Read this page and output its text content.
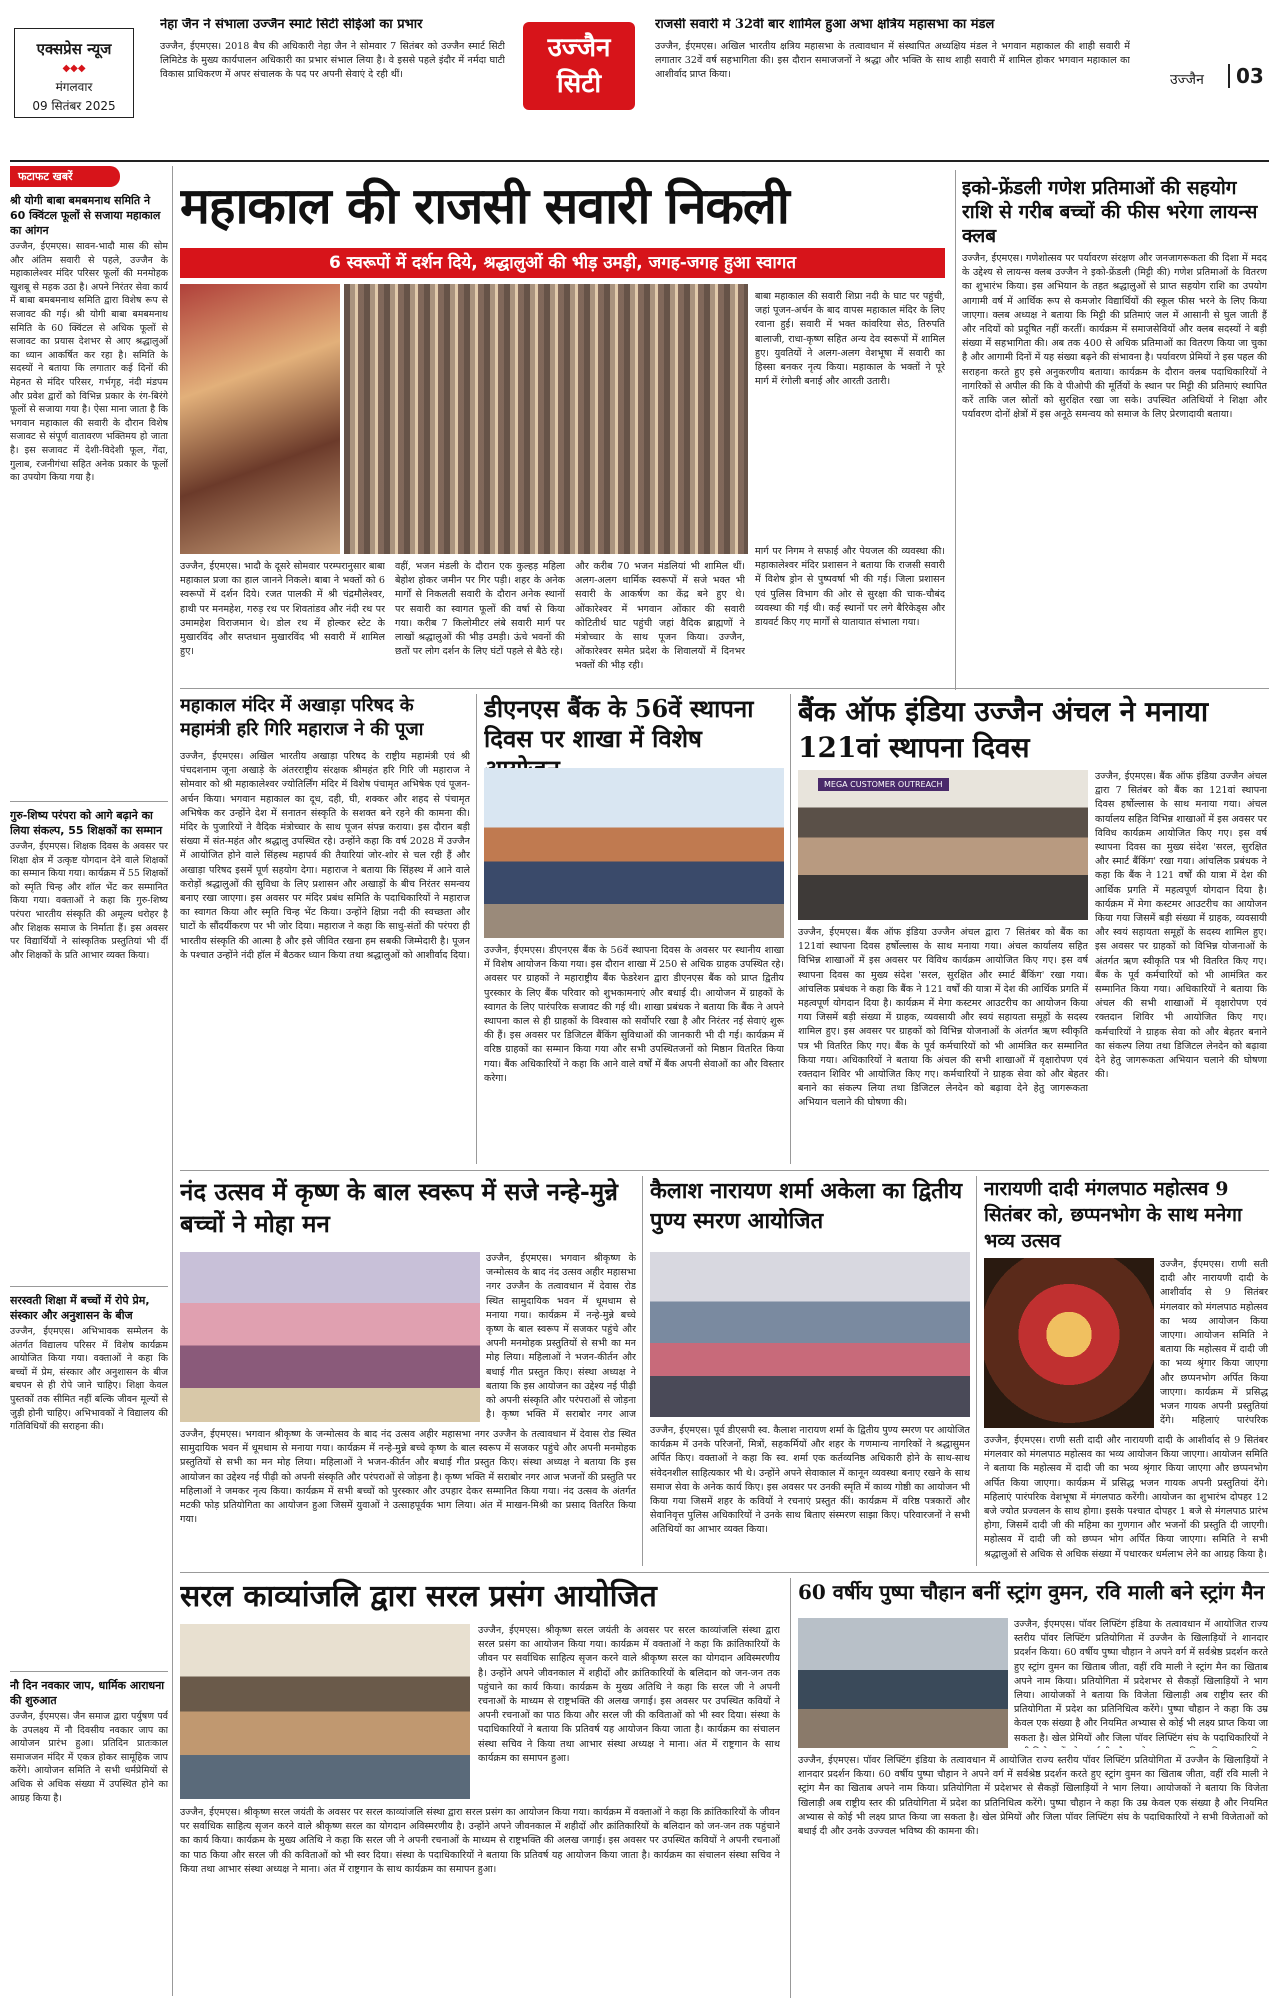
एक्सप्रेस न्यूज
◆◆◆
मंगलवार
09 सितंबर 2025
नेहा जैन ने संभाला उज्जैन स्मार्ट सिटी सीईओ का प्रभार
उज्जैन, ईएमएस। 2018 बैच की अधिकारी नेहा जैन ने सोमवार 7 सितंबर को उज्जैन स्मार्ट सिटी लिमिटेड के मुख्य कार्यपालन अधिकारी का प्रभार संभाल लिया है। वे इससे पहले इंदौर में नर्मदा घाटी विकास प्राधिकरण में अपर संचालक के पद पर अपनी सेवाएं दे रही थीं।
उज्जैन
सिटी
राजसी सवारी में 32वीं बार शामिल हुआ अभा क्षत्रिय महासभा का मंडल
उज्जैन, ईएमएस। अखिल भारतीय क्षत्रिय महासभा के तत्वावधान में संस्थापित अध्यक्षिय मंडल ने भगवान महाकाल की शाही सवारी में लगातार 32वें वर्ष सहभागिता की। इस दौरान समाजजनों ने श्रद्धा और भक्ति के साथ शाही सवारी में शामिल होकर भगवान महाकाल का आशीर्वाद प्राप्त किया।	उज्जैन	03
फटाफट खबरें
श्री योगी बाबा बमबमनाथ समिति ने 60 क्विंटल फूलों से सजाया महाकाल का आंगन
उज्जैन, ईएमएस। सावन-भादौ मास की सोम और अंतिम सवारी से पहले, उज्जैन के महाकालेश्वर मंदिर परिसर फूलों की मनमोहक खुशबू से महक उठा है। अपने निरंतर सेवा कार्य में बाबा बमबमनाथ समिति द्वारा विशेष रूप से सजावट की गई। श्री योगी बाबा बमबमनाथ समिति के 60 क्विंटल से अधिक फूलों से सजावट का प्रयास देशभर से आए श्रद्धालुओं का ध्यान आकर्षित कर रहा है। समिति के सदस्यों ने बताया कि लगातार कई दिनों की मेहनत से मंदिर परिसर, गर्भगृह, नंदी मंडपम और प्रवेश द्वारों को विभिन्न प्रकार के रंग-बिरंगे फूलों से सजाया गया है। ऐसा माना जाता है कि भगवान महाकाल की सवारी के दौरान विशेष सजावट से संपूर्ण वातावरण भक्तिमय हो जाता है। इस सजावट में देशी-विदेशी फूल, गेंदा, गुलाब, रजनीगंधा सहित अनेक प्रकार के फूलों का उपयोग किया गया है।
गुरु-शिष्य परंपरा को आगे बढ़ाने का लिया संकल्प, 55 शिक्षकों का सम्मान
उज्जैन, ईएमएस। शिक्षक दिवस के अवसर पर शिक्षा क्षेत्र में उत्कृष्ट योगदान देने वाले शिक्षकों का सम्मान किया गया। कार्यक्रम में 55 शिक्षकों को स्मृति चिन्ह और शॉल भेंट कर सम्मानित किया गया। वक्ताओं ने कहा कि गुरु-शिष्य परंपरा भारतीय संस्कृति की अमूल्य धरोहर है और शिक्षक समाज के निर्माता हैं। इस अवसर पर विद्यार्थियों ने सांस्कृतिक प्रस्तुतियां भी दीं और शिक्षकों के प्रति आभार व्यक्त किया।
सरस्वती शिक्षा में बच्चों में रोपे प्रेम, संस्कार और अनुशासन के बीज
उज्जैन, ईएमएस। अभिभावक सम्मेलन के अंतर्गत विद्यालय परिसर में विशेष कार्यक्रम आयोजित किया गया। वक्ताओं ने कहा कि बच्चों में प्रेम, संस्कार और अनुशासन के बीज बचपन से ही रोपे जाने चाहिए। शिक्षा केवल पुस्तकों तक सीमित नहीं बल्कि जीवन मूल्यों से जुड़ी होनी चाहिए। अभिभावकों ने विद्यालय की गतिविधियों की सराहना की।
नौ दिन नवकार जाप, धार्मिक आराधना की शुरुआत
उज्जैन, ईएमएस। जैन समाज द्वारा पर्युषण पर्व के उपलक्ष्य में नौ दिवसीय नवकार जाप का आयोजन प्रारंभ हुआ। प्रतिदिन प्रातःकाल समाजजन मंदिर में एकत्र होकर सामूहिक जाप करेंगे। आयोजन समिति ने सभी धर्मप्रेमियों से अधिक से अधिक संख्या में उपस्थित होने का आग्रह किया है।
महाकाल की राजसी सवारी निकली
6 स्वरूपों में दर्शन दिये, श्रद्धालुओं की भीड़ उमड़ी, जगह-जगह हुआ स्वागत
उज्जैन, ईएमएस। भादौ के दूसरे सोमवार परम्परानुसार बाबा महाकाल प्रजा का हाल जानने निकले। बाबा ने भक्तों को 6 स्वरूपों में दर्शन दिये। रजत पालकी में श्री चंद्रमौलेश्वर, हाथी पर मनमहेश, गरुड़ रथ पर शिवतांडव और नंदी रथ पर उमामहेश विराजमान थे। डोल रथ में होल्कर स्टेट के मुखारविंद और सप्तधान मुखारविंद भी सवारी में शामिल हुए।
वहीं, भजन मंडली के दौरान एक कुल्हड़ महिला बेहोश होकर जमीन पर गिर पड़ी। शहर के अनेक मार्गों से निकलती सवारी के दौरान अनेक स्थानों पर सवारी का स्वागत फूलों की वर्षा से किया गया। करीब 7 किलोमीटर लंबे सवारी मार्ग पर लाखों श्रद्धालुओं की भीड़ उमड़ी। ऊंचे भवनों की छतों पर लोग दर्शन के लिए घंटों पहले से बैठे रहे।
और करीब 70 भजन मंडलियां भी शामिल थीं। अलग-अलग धार्मिक स्वरूपों में सजे भक्त भी सवारी के आकर्षण का केंद्र बने हुए थे। ओंकारेश्वर में भगवान ओंकार की सवारी कोटितीर्थ घाट पहुंची जहां वैदिक ब्राह्मणों ने मंत्रोच्चार के साथ पूजन किया। उज्जैन, ओंकारेश्वर समेत प्रदेश के शिवालयों में दिनभर भक्तों की भीड़ रही।
बाबा महाकाल की सवारी शिप्रा नदी के घाट पर पहुंची, जहां पूजन-अर्चन के बाद वापस महाकाल मंदिर के लिए रवाना हुई। सवारी में भक्त कांवरिया सेठ, तिरुपति बालाजी, राधा-कृष्ण सहित अन्य देव स्वरूपों में शामिल हुए। युवतियों ने अलग-अलग वेशभूषा में सवारी का हिस्सा बनकर नृत्य किया। महाकाल के भक्तों ने पूरे मार्ग में रंगोली बनाई और आरती उतारी।
मार्ग पर निगम ने सफाई और पेयजल की व्यवस्था की। महाकालेश्वर मंदिर प्रशासन ने बताया कि राजसी सवारी में विशेष ड्रोन से पुष्पवर्षा भी की गई। जिला प्रशासन एवं पुलिस विभाग की ओर से सुरक्षा की चाक-चौबंद व्यवस्था की गई थी। कई स्थानों पर लगे बैरिकेड्स और डायवर्ट किए गए मार्गों से यातायात संभाला गया।
इको-फ्रेंडली गणेश प्रतिमाओं की सहयोग राशि से गरीब बच्चों की फीस भरेगा लायन्स क्लब
उज्जैन, ईएमएस। गणेशोत्सव पर पर्यावरण संरक्षण और जनजागरूकता की दिशा में मदद के उद्देश्य से लायन्स क्लब उज्जैन ने इको-फ्रेंडली (मिट्टी की) गणेश प्रतिमाओं के वितरण का शुभारंभ किया। इस अभियान के तहत श्रद्धालुओं से प्राप्त सहयोग राशि का उपयोग आगामी वर्ष में आर्थिक रूप से कमजोर विद्यार्थियों की स्कूल फीस भरने के लिए किया जाएगा। क्लब अध्यक्ष ने बताया कि मिट्टी की प्रतिमाएं जल में आसानी से घुल जाती हैं और नदियों को प्रदूषित नहीं करतीं। कार्यक्रम में समाजसेवियों और क्लब सदस्यों ने बड़ी संख्या में सहभागिता की। अब तक 400 से अधिक प्रतिमाओं का वितरण किया जा चुका है और आगामी दिनों में यह संख्या बढ़ने की संभावना है। पर्यावरण प्रेमियों ने इस पहल की सराहना करते हुए इसे अनुकरणीय बताया। कार्यक्रम के दौरान क्लब पदाधिकारियों ने नागरिकों से अपील की कि वे पीओपी की मूर्तियों के स्थान पर मिट्टी की प्रतिमाएं स्थापित करें ताकि जल स्रोतों को सुरक्षित रखा जा सके। उपस्थित अतिथियों ने शिक्षा और पर्यावरण दोनों क्षेत्रों में इस अनूठे समन्वय को समाज के लिए प्रेरणादायी बताया।
महाकाल मंदिर में अखाड़ा परिषद के महामंत्री हरि गिरि महाराज ने की पूजा
उज्जैन, ईएमएस। अखिल भारतीय अखाड़ा परिषद के राष्ट्रीय महामंत्री एवं श्री पंचदशनाम जूना अखाड़े के अंतरराष्ट्रीय संरक्षक श्रीमहंत हरि गिरि जी महाराज ने सोमवार को श्री महाकालेश्वर ज्योतिर्लिंग मंदिर में विशेष पंचामृत अभिषेक एवं पूजन-अर्चन किया। भगवान महाकाल का दूध, दही, घी, शक्कर और शहद से पंचामृत अभिषेक कर उन्होंने देश में सनातन संस्कृति के सशक्त बने रहने की कामना की। मंदिर के पुजारियों ने वैदिक मंत्रोच्चार के साथ पूजन संपन्न कराया। इस दौरान बड़ी संख्या में संत-महंत और श्रद्धालु उपस्थित रहे। उन्होंने कहा कि वर्ष 2028 में उज्जैन में आयोजित होने वाले सिंहस्थ महापर्व की तैयारियां जोर-शोर से चल रही हैं और अखाड़ा परिषद इसमें पूर्ण सहयोग देगा। महाराज ने बताया कि सिंहस्थ में आने वाले करोड़ों श्रद्धालुओं की सुविधा के लिए प्रशासन और अखाड़ों के बीच निरंतर समन्वय बनाए रखा जाएगा। इस अवसर पर मंदिर प्रबंध समिति के पदाधिकारियों ने महाराज का स्वागत किया और स्मृति चिन्ह भेंट किया। उन्होंने क्षिप्रा नदी की स्वच्छता और घाटों के सौंदर्यीकरण पर भी जोर दिया। महाराज ने कहा कि साधु-संतों की परंपरा ही भारतीय संस्कृति की आत्मा है और इसे जीवित रखना हम सबकी जिम्मेदारी है। पूजन के पश्चात उन्होंने नंदी हॉल में बैठकर ध्यान किया तथा श्रद्धालुओं को आशीर्वाद दिया।
डीएनएस बैंक के 56वें स्थापना दिवस पर शाखा में विशेष
उज्जैन, ईएमएस। डीएनएस बैंक के 56वें स्थापना दिवस के अवसर पर स्थानीय शाखा में विशेष आयोजन किया गया। इस दौरान शाखा में 250 से अधिक ग्राहक उपस्थित रहे। अवसर पर ग्राहकों ने महाराष्ट्रीय बैंक फेडरेशन द्वारा डीएनएस बैंक को प्राप्त द्वितीय पुरस्कार के लिए बैंक परिवार को शुभकामनाएं और बधाई दी। आयोजन में ग्राहकों के स्वागत के लिए पारंपरिक सजावट की गई थी। शाखा प्रबंधक ने बताया कि बैंक ने अपने स्थापना काल से ही ग्राहकों के विश्वास को सर्वोपरि रखा है और निरंतर नई सेवाएं शुरू की हैं। इस अवसर पर डिजिटल बैंकिंग सुविधाओं की जानकारी भी दी गई। कार्यक्रम में वरिष्ठ ग्राहकों का सम्मान किया गया और सभी उपस्थितजनों को मिष्ठान वितरित किया गया। बैंक अधिकारियों ने कहा कि आने वाले वर्षों में बैंक अपनी सेवाओं का और विस्तार करेगा।
बैंक ऑफ इंडिया उज्जैन अंचल ने मनाया 121वां स्थापना दिवस
MEGA CUSTOMER OUTREACH
उज्जैन, ईएमएस। बैंक ऑफ इंडिया उज्जैन अंचल द्वारा 7 सितंबर को बैंक का 121वां स्थापना दिवस हर्षोल्लास के साथ मनाया गया। अंचल कार्यालय सहित विभिन्न शाखाओं में इस अवसर पर विविध कार्यक्रम आयोजित किए गए। इस वर्ष स्थापना दिवस का मुख्य संदेश 'सरल, सुरक्षित और स्मार्ट बैंकिंग' रखा गया। आंचलिक प्रबंधक ने कहा कि बैंक ने 121 वर्षों की यात्रा में देश की आर्थिक प्रगति में महत्वपूर्ण योगदान दिया है। कार्यक्रम में मेगा कस्टमर आउटरीच का आयोजन किया गया जिसमें बड़ी संख्या में ग्राहक, व्यवसायी और स्वयं सहायता समूहों के सदस्य शामिल हुए। इस अवसर पर ग्राहकों को विभिन्न योजनाओं के अंतर्गत ऋण स्वीकृति पत्र भी वितरित किए गए। बैंक के पूर्व कर्मचारियों को भी आमंत्रित कर सम्मानित किया गया। अधिकारियों ने बताया कि अंचल की सभी शाखाओं में वृक्षारोपण एवं रक्तदान शिविर भी आयोजित किए गए। कर्मचारियों ने ग्राहक सेवा को और बेहतर बनाने का संकल्प लिया तथा डिजिटल लेनदेन को बढ़ावा देने हेतु जागरूकता अभियान चलाने की घोषणा की।
उज्जैन, ईएमएस। बैंक ऑफ इंडिया उज्जैन अंचल द्वारा 7 सितंबर को बैंक का 121वां स्थापना दिवस हर्षोल्लास के साथ मनाया गया। अंचल कार्यालय सहित विभिन्न शाखाओं में इस अवसर पर विविध कार्यक्रम आयोजित किए गए। इस वर्ष स्थापना दिवस का मुख्य संदेश 'सरल, सुरक्षित और स्मार्ट बैंकिंग' रखा गया। आंचलिक प्रबंधक ने कहा कि बैंक ने 121 वर्षों की यात्रा में देश की आर्थिक प्रगति में महत्वपूर्ण योगदान दिया है। कार्यक्रम में मेगा कस्टमर आउटरीच का आयोजन किया गया जिसमें बड़ी संख्या में ग्राहक, व्यवसायी और स्वयं सहायता समूहों के सदस्य शामिल हुए। इस अवसर पर ग्राहकों को विभिन्न योजनाओं के अंतर्गत ऋण स्वीकृति पत्र भी वितरित किए गए। बैंक के पूर्व कर्मचारियों को भी आमंत्रित कर सम्मानित किया गया। अधिकारियों ने बताया कि अंचल की सभी शाखाओं में वृक्षारोपण एवं रक्तदान शिविर भी आयोजित किए गए। कर्मचारियों ने ग्राहक सेवा को और बेहतर बनाने का संकल्प लिया तथा डिजिटल लेनदेन को बढ़ावा देने हेतु जागरूकता अभियान चलाने की घोषणा की।
नंद उत्सव में कृष्ण के बाल स्वरूप में सजे नन्हे-मुन्ने बच्चों ने मोहा मन
उज्जैन, ईएमएस। भगवान श्रीकृष्ण के जन्मोत्सव के बाद नंद उत्सव अहीर महासभा नगर उज्जैन के तत्वावधान में देवास रोड स्थित सामुदायिक भवन में धूमधाम से मनाया गया। कार्यक्रम में नन्हे-मुन्ने बच्चे कृष्ण के बाल स्वरूप में सजकर पहुंचे और अपनी मनमोहक प्रस्तुतियों से सभी का मन मोह लिया। महिलाओं ने भजन-कीर्तन और बधाई गीत प्रस्तुत किए। संस्था अध्यक्ष ने बताया कि इस आयोजन का उद्देश्य नई पीढ़ी को अपनी संस्कृति और परंपराओं से जोड़ना है। कृष्ण भक्ति में सराबोर नगर आज
उज्जैन, ईएमएस। भगवान श्रीकृष्ण के जन्मोत्सव के बाद नंद उत्सव अहीर महासभा नगर उज्जैन के तत्वावधान में देवास रोड स्थित सामुदायिक भवन में धूमधाम से मनाया गया। कार्यक्रम में नन्हे-मुन्ने बच्चे कृष्ण के बाल स्वरूप में सजकर पहुंचे और अपनी मनमोहक प्रस्तुतियों से सभी का मन मोह लिया। महिलाओं ने भजन-कीर्तन और बधाई गीत प्रस्तुत किए। संस्था अध्यक्ष ने बताया कि इस आयोजन का उद्देश्य नई पीढ़ी को अपनी संस्कृति और परंपराओं से जोड़ना है। कृष्ण भक्ति में सराबोर नगर आज भजनों की प्रस्तुति पर महिलाओं ने जमकर नृत्य किया। कार्यक्रम में सभी बच्चों को पुरस्कार और उपहार देकर सम्मानित किया गया। नंद उत्सव के अंतर्गत मटकी फोड़ प्रतियोगिता का आयोजन हुआ जिसमें युवाओं ने उत्साहपूर्वक भाग लिया। अंत में माखन-मिश्री का प्रसाद वितरित किया गया।
कैलाश नारायण शर्मा अकेला का द्वितीय पुण्य स्मरण आयोजित
उज्जैन, ईएमएस। पूर्व डीएसपी स्व. कैलाश नारायण शर्मा के द्वितीय पुण्य स्मरण पर आयोजित कार्यक्रम में उनके परिजनों, मित्रों, सहकर्मियों और शहर के गणमान्य नागरिकों ने श्रद्धासुमन अर्पित किए। वक्ताओं ने कहा कि स्व. शर्मा एक कर्तव्यनिष्ठ अधिकारी होने के साथ-साथ संवेदनशील साहित्यकार भी थे। उन्होंने अपने सेवाकाल में कानून व्यवस्था बनाए रखने के साथ समाज सेवा के अनेक कार्य किए। इस अवसर पर उनकी स्मृति में काव्य गोष्ठी का आयोजन भी किया गया जिसमें शहर के कवियों ने रचनाएं प्रस्तुत कीं। कार्यक्रम में वरिष्ठ पत्रकारों और सेवानिवृत्त पुलिस अधिकारियों ने उनके साथ बिताए संस्मरण साझा किए। परिवारजनों ने सभी अतिथियों का आभार व्यक्त किया।
नारायणी दादी मंगलपाठ महोत्सव 9 सितंबर को, छप्पनभोग के साथ मनेगा भव्य उत्सव
उज्जैन, ईएमएस। राणी सती दादी और नारायणी दादी के आशीर्वाद से 9 सितंबर मंगलवार को मंगलपाठ महोत्सव का भव्य आयोजन किया जाएगा। आयोजन समिति ने बताया कि महोत्सव में दादी जी का भव्य श्रृंगार किया जाएगा और छप्पनभोग अर्पित किया जाएगा। कार्यक्रम में प्रसिद्ध भजन गायक अपनी प्रस्तुतियां देंगे। महिलाएं पारंपरिक वेशभूषा में मंगलपाठ करेंगी। आयोजन का शुभारंभ दोपहर 12 बजे ज्योत प्रज्वलन के साथ होगा। इसके पश्चात दोपहर 1 बजे से मंगलपाठ प्रारंभ होगा, जिसमें दादी जी की महिमा का गुणगान और भजनों की प्रस्तुति दी जाएगी। महोत्सव में दादी जी को छप्पन भोग अर्पित किया जाएगा। समिति ने सभी श्रद्धालुओं से अधिक से अधिक संख्या में पधारकर धर्मलाभ लेने का आग्रह किया है।
उज्जैन, ईएमएस। राणी सती दादी और नारायणी दादी के आशीर्वाद से 9 सितंबर मंगलवार को मंगलपाठ महोत्सव का भव्य आयोजन किया जाएगा। आयोजन समिति ने बताया कि महोत्सव में दादी जी का भव्य श्रृंगार किया जाएगा और छप्पनभोग अर्पित किया जाएगा। कार्यक्रम में प्रसिद्ध भजन गायक अपनी प्रस्तुतियां देंगे। महिलाएं पारंपरिक
सरल काव्यांजलि द्वारा सरल प्रसंग आयोजित
उज्जैन, ईएमएस। श्रीकृष्ण सरल जयंती के अवसर पर सरल काव्यांजलि संस्था द्वारा सरल प्रसंग का आयोजन किया गया। कार्यक्रम में वक्ताओं ने कहा कि क्रांतिकारियों के जीवन पर सर्वाधिक साहित्य सृजन करने वाले श्रीकृष्ण सरल का योगदान अविस्मरणीय है। उन्होंने अपने जीवनकाल में शहीदों और क्रांतिकारियों के बलिदान को जन-जन तक पहुंचाने का कार्य किया। कार्यक्रम के मुख्य अतिथि ने कहा कि सरल जी ने अपनी रचनाओं के माध्यम से राष्ट्रभक्ति की अलख जगाई। इस अवसर पर उपस्थित कवियों ने अपनी रचनाओं का पाठ किया और सरल जी की कविताओं को भी स्वर दिया। संस्था के पदाधिकारियों ने बताया कि प्रतिवर्ष यह आयोजन किया जाता है। कार्यक्रम का संचालन संस्था सचिव ने किया तथा आभार संस्था अध्यक्ष ने माना। अंत में राष्ट्रगान के साथ कार्यक्रम का समापन हुआ।
उज्जैन, ईएमएस। श्रीकृष्ण सरल जयंती के अवसर पर सरल काव्यांजलि संस्था द्वारा सरल प्रसंग का आयोजन किया गया। कार्यक्रम में वक्ताओं ने कहा कि क्रांतिकारियों के जीवन पर सर्वाधिक साहित्य सृजन करने वाले श्रीकृष्ण सरल का योगदान अविस्मरणीय है। उन्होंने अपने जीवनकाल में शहीदों और क्रांतिकारियों के बलिदान को जन-जन तक पहुंचाने का कार्य किया। कार्यक्रम के मुख्य अतिथि ने कहा कि सरल जी ने अपनी रचनाओं के माध्यम से राष्ट्रभक्ति की अलख जगाई। इस अवसर पर उपस्थित कवियों ने अपनी रचनाओं का पाठ किया और सरल जी की कविताओं को भी स्वर दिया। संस्था के पदाधिकारियों ने बताया कि प्रतिवर्ष यह आयोजन किया जाता है। कार्यक्रम का संचालन संस्था सचिव ने किया तथा आभार संस्था अध्यक्ष ने माना। अंत में राष्ट्रगान के साथ कार्यक्रम का समापन हुआ।
60 वर्षीय पुष्पा चौहान बनीं स्ट्रांग वुमन, रवि माली बने स्ट्रांग मैन
उज्जैन, ईएमएस। पॉवर लिफ्टिंग इंडिया के तत्वावधान में आयोजित राज्य स्तरीय पॉवर लिफ्टिंग प्रतियोगिता में उज्जैन के खिलाड़ियों ने शानदार प्रदर्शन किया। 60 वर्षीय पुष्पा चौहान ने अपने वर्ग में सर्वश्रेष्ठ प्रदर्शन करते हुए स्ट्रांग वुमन का खिताब जीता, वहीं रवि माली ने स्ट्रांग मैन का खिताब अपने नाम किया। प्रतियोगिता में प्रदेशभर से सैकड़ों खिलाड़ियों ने भाग लिया। आयोजकों ने बताया कि विजेता खिलाड़ी अब राष्ट्रीय स्तर की प्रतियोगिता में प्रदेश का प्रतिनिधित्व करेंगे। पुष्पा चौहान ने कहा कि उम्र केवल एक संख्या है और नियमित अभ्यास से कोई भी लक्ष्य प्राप्त किया जा सकता है। खेल प्रेमियों और जिला पॉवर लिफ्टिंग संघ के पदाधिकारियों ने
उज्जैन, ईएमएस। पॉवर लिफ्टिंग इंडिया के तत्वावधान में आयोजित राज्य स्तरीय पॉवर लिफ्टिंग प्रतियोगिता में उज्जैन के खिलाड़ियों ने शानदार प्रदर्शन किया। 60 वर्षीय पुष्पा चौहान ने अपने वर्ग में सर्वश्रेष्ठ प्रदर्शन करते हुए स्ट्रांग वुमन का खिताब जीता, वहीं रवि माली ने स्ट्रांग मैन का खिताब अपने नाम किया। प्रतियोगिता में प्रदेशभर से सैकड़ों खिलाड़ियों ने भाग लिया। आयोजकों ने बताया कि विजेता खिलाड़ी अब राष्ट्रीय स्तर की प्रतियोगिता में प्रदेश का प्रतिनिधित्व करेंगे। पुष्पा चौहान ने कहा कि उम्र केवल एक संख्या है और नियमित अभ्यास से कोई भी लक्ष्य प्राप्त किया जा सकता है। खेल प्रेमियों और जिला पॉवर लिफ्टिंग संघ के पदाधिकारियों ने सभी विजेताओं को बधाई दी और उनके उज्ज्वल भविष्य की कामना की।
